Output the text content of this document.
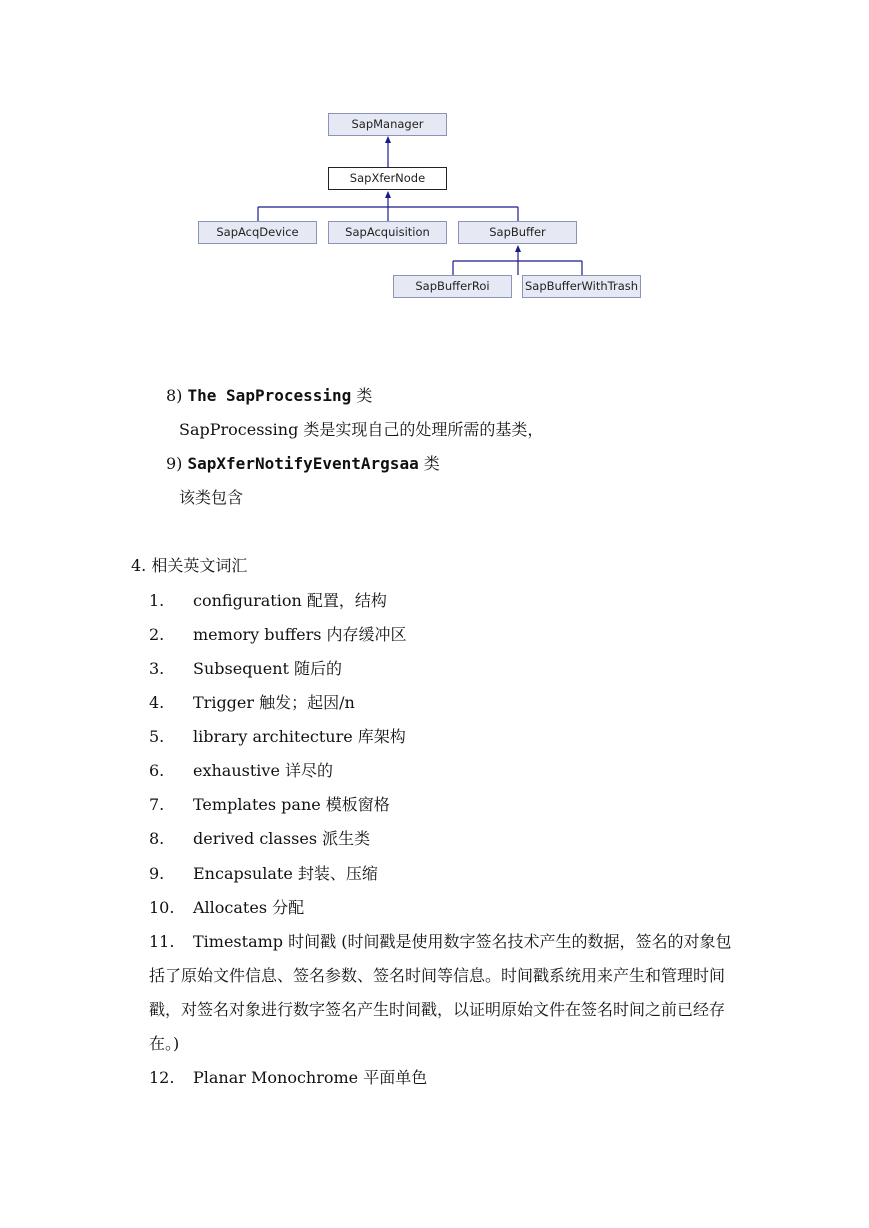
SapManager
SapXferNode
SapAcqDevice	SapAcquisition	SapBuffer
SapBufferRoi	SapBufferWithTrash
8) The SapProcessing 类
SapProcessing 类是实现自己的处理所需的基类，
9) SapXferNotifyEventArgsaa 类
该类包含
4. 相关英文词汇
1. configuration 配置，结构
2. memory buffers 内存缓冲区
3. Subsequent 随后的
4. Trigger 触发；起因/n
5. library architecture 库架构
6. exhaustive 详尽的
7. Templates pane 模板窗格
8. derived classes 派生类
9. Encapsulate 封装、压缩
10. Allocates 分配
11. Timestamp 时间戳 (时间戳是使用数字签名技术产生的数据，签名的对象包括了原始文件信息、签名参数、签名时间等信息。时间戳系统用来产生和管理时间戳，对签名对象进行数字签名产生时间戳，以证明原始文件在签名时间之前已经存在。)
12. Planar Monochrome 平面单色
